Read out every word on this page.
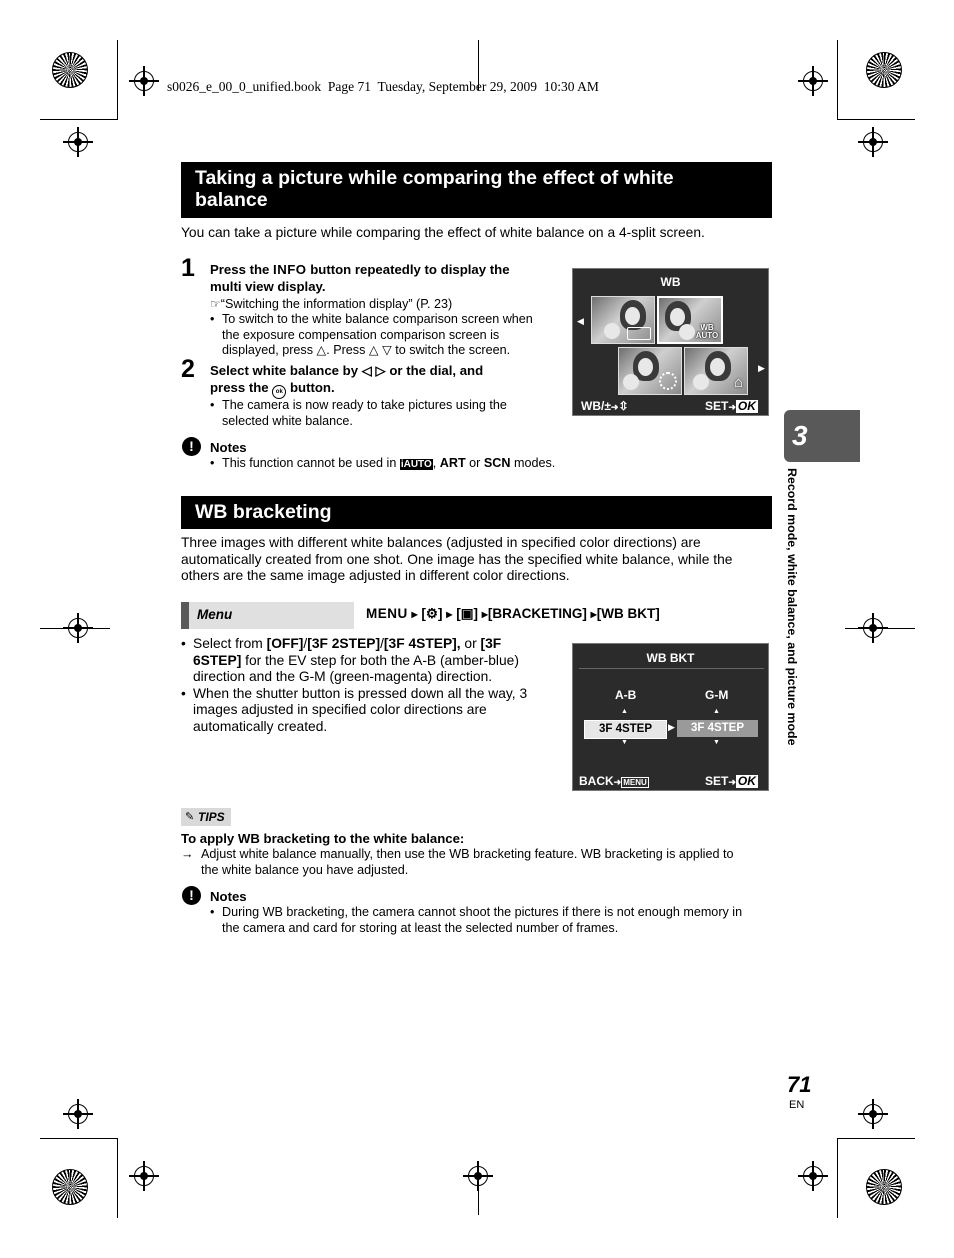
s0026_e_00_0_unified.book  Page 71  Tuesday, September 29, 2009  10:30 AM
Taking a picture while comparing the effect of white
balance
You can take a picture while comparing the effect of white balance on a 4-split screen.
1 Press the INFO button repeatedly to display the
multi view display.
☞“Switching the information display” (P. 23)
• To switch to the white balance comparison screen when
the exposure compensation comparison screen is
displayed, press △. Press △ ▽ to switch the screen.
2 Select white balance by ◁ ▷ or the dial, and
press the ok button.
• The camera is now ready to take pictures using the
selected white balance.
!	Notes
• This function cannot be used in iAUTO, ART or SCN modes.
WB
◀
▶
WB AUTO
⌂
WB/±➜⇳	SET➜ OK
WB bracketing
Three images with different white balances (adjusted in specified color directions) are
automatically created from one shot. One image has the specified white balance, while the
others are the same image adjusted in different color directions.
Menu	MENU ▶ [⚙] ▶ [▣] ▶[BRACKETING] ▶[WB BKT]
• Select from [OFF]/[3F 2STEP]/[3F 4STEP], or [3F
6STEP] for the EV step for both the A-B (amber-blue)
direction and the G-M (green-magenta) direction.
• When the shutter button is pressed down all the way, 3
images adjusted in specified color directions are
automatically created.
WB BKT
A-B	G-M
▲	▲
3F 4STEP	▶	3F 4STEP
▼	▼
BACK➜ MENU	SET➜ OK
✎ TIPS
To apply WB bracketing to the white balance:
→ Adjust white balance manually, then use the WB bracketing feature. WB bracketing is applied to
the white balance you have adjusted.
!	Notes
• During WB bracketing, the camera cannot shoot the pictures if there is not enough memory in
the camera and card for storing at least the selected number of frames.
3
Record mode, white balance, and picture mode
71
EN
